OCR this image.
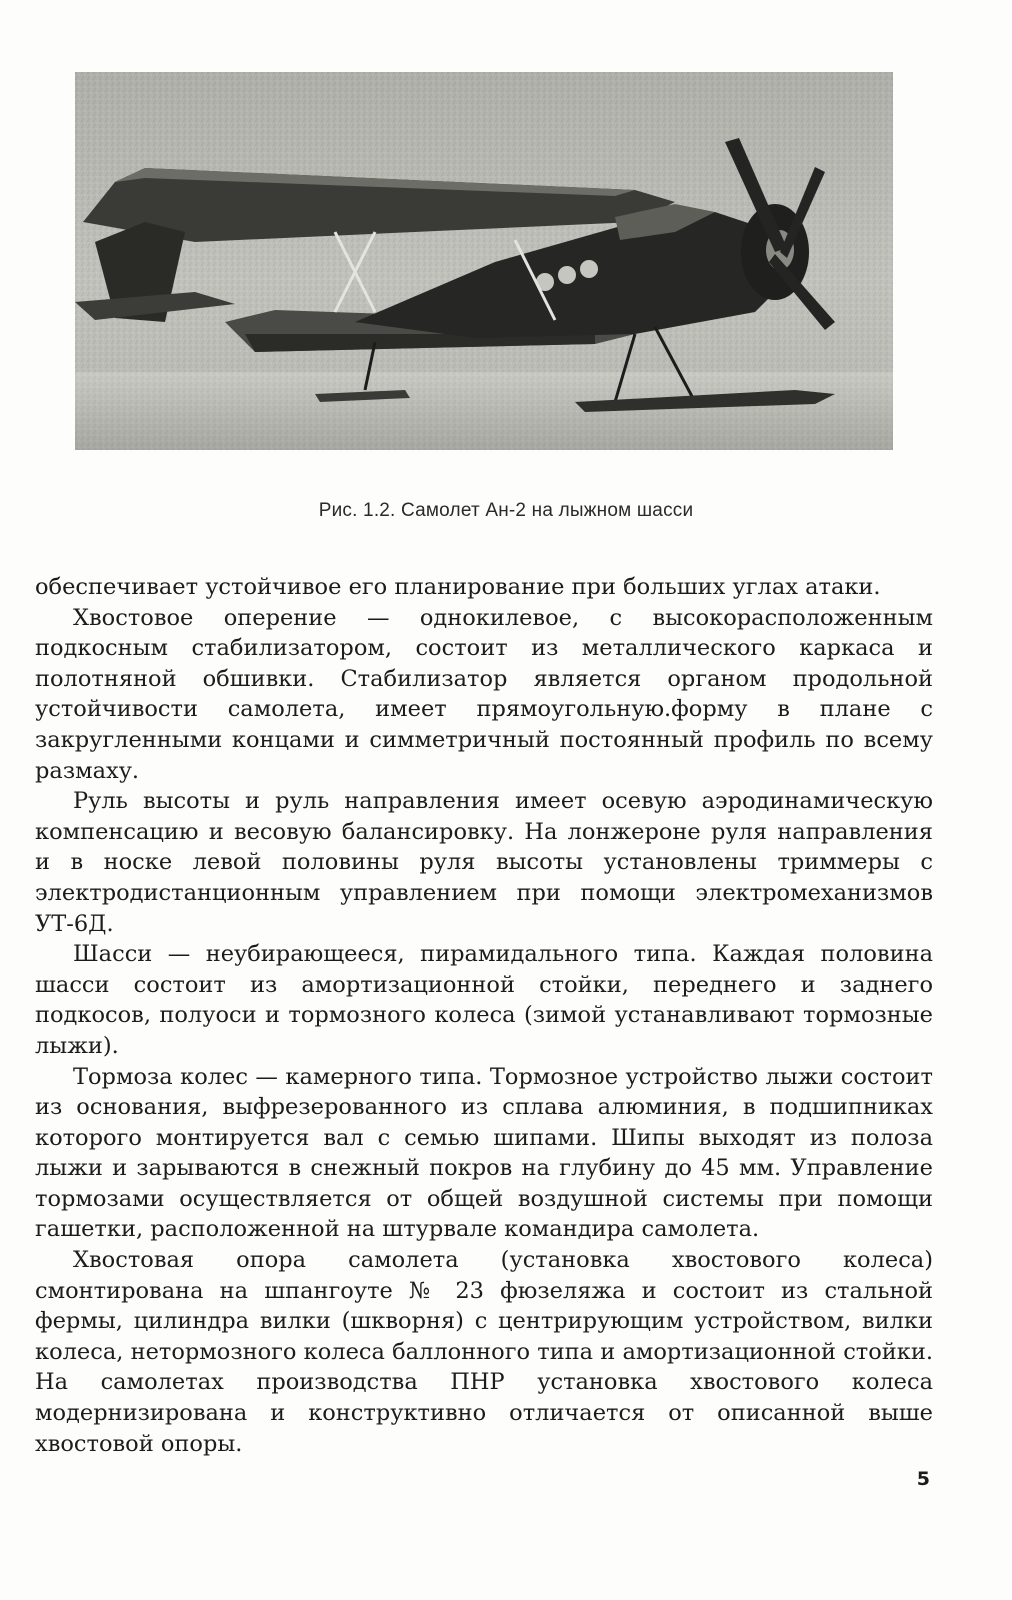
Рис. 1.2. Самолет Ан-2 на лыжном шасси

обеспечивает устойчивое его планирование при больших углах атаки.

Хвостовое оперение — однокилевое, с высокорасположенным подкосным стабилизатором, состоит из металлического каркаса и полотняной обшивки. Стабилизатор является органом продольной устойчивости самолета, имеет прямоугольную.форму в плане с закругленными концами и симметричный постоянный профиль по всему размаху.

Руль высоты и руль направления имеет осевую аэродинамическую компенсацию и весовую балансировку. На лонжероне руля направления и в носке левой половины руля высоты установлены триммеры с электродистанционным управлением при помощи электромеханизмов УТ-6Д.

Шасси — неубирающееся, пирамидального типа. Каждая половина шасси состоит из амортизационной стойки, переднего и заднего подкосов, полуоси и тормозного колеса (зимой устанавливают тормозные лыжи).

Тормоза колес — камерного типа. Тормозное устройство лыжи состоит из основания, выфрезерованного из сплава алюминия, в подшипниках которого монтируется вал с семью шипами. Шипы выходят из полоза лыжи и зарываются в снежный покров на глубину до 45 мм. Управление тормозами осуществляется от общей воздушной системы при помощи гашетки, расположенной на штурвале командира самолета.

Хвостовая опора самолета (установка хвостового колеса) смонтирована на шпангоуте № 23 фюзеляжа и состоит из стальной фермы, цилиндра вилки (шкворня) с центрирующим устройством, вилки колеса, нетормозного колеса баллонного типа и амортизационной стойки. На самолетах производства ПНР установка хвостового колеса модернизирована и конструктивно отличается от описанной выше хвостовой опоры.

5
